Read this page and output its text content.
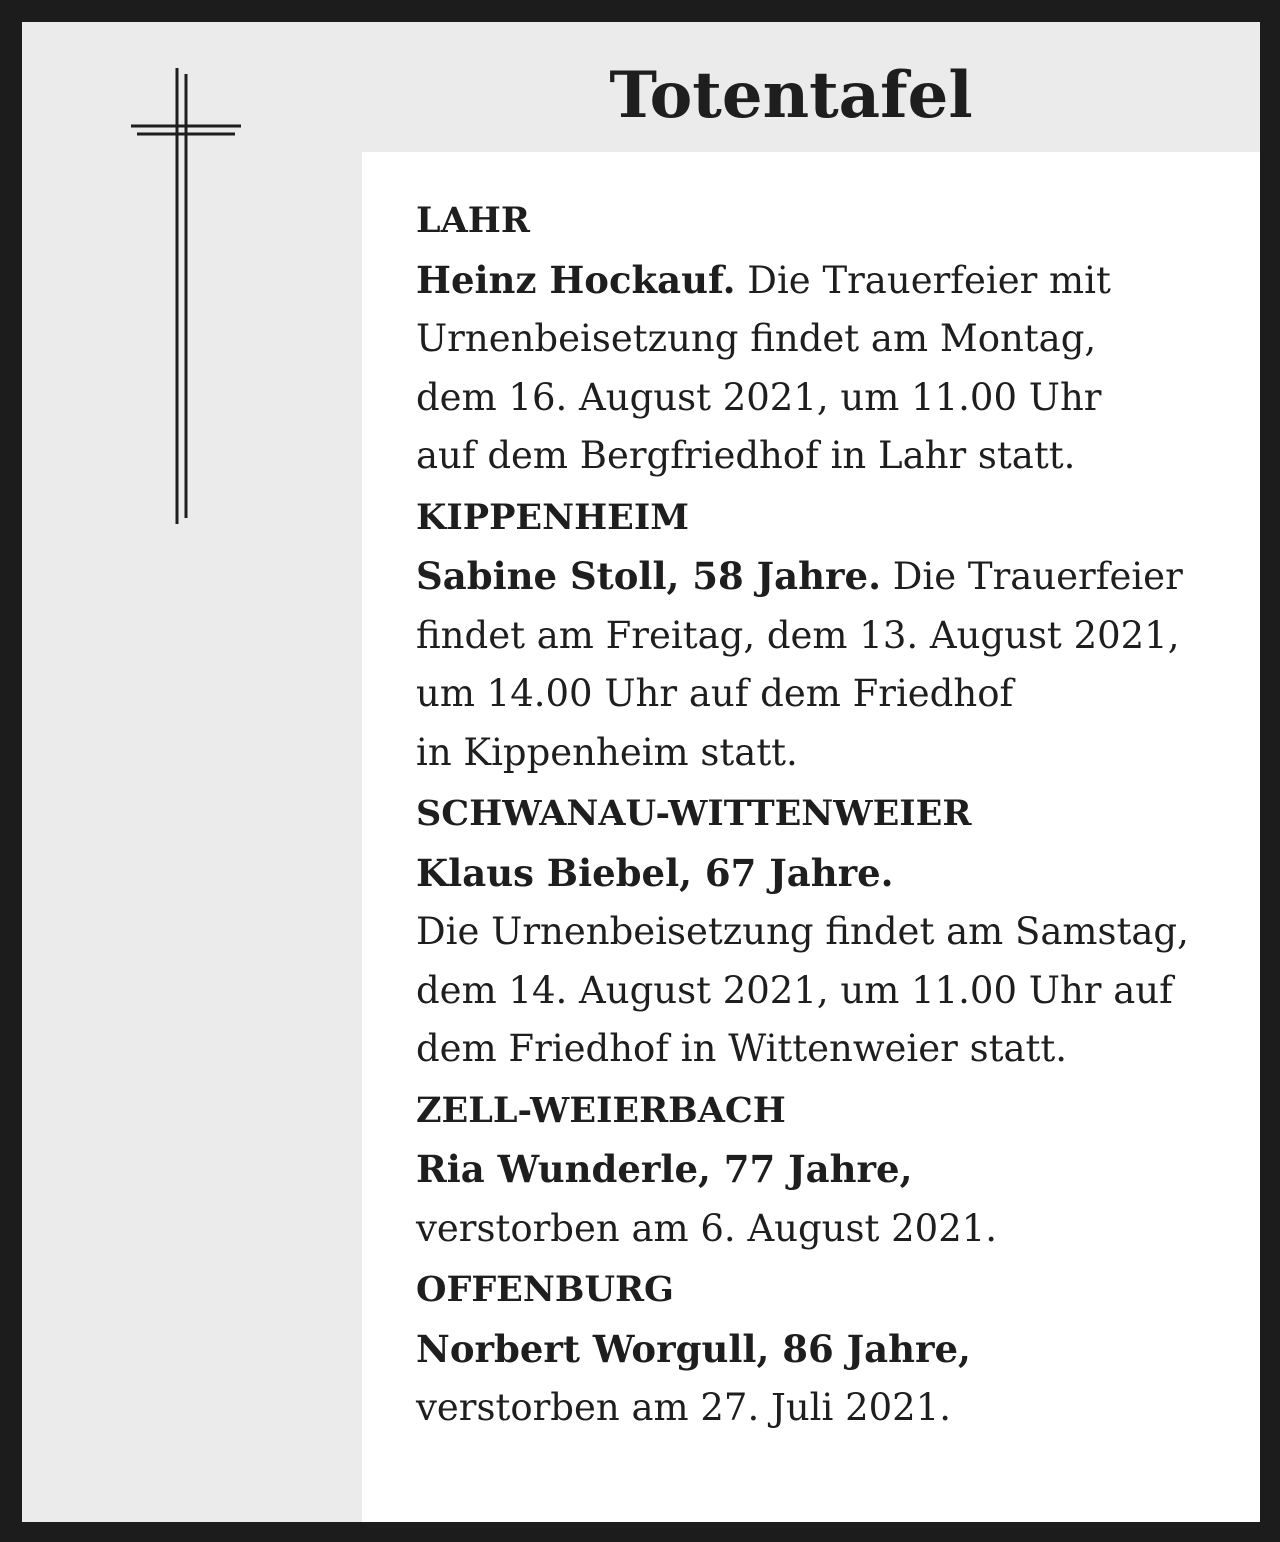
Totentafel
LAHR
Heinz Hockauf. Die Trauerfeier mit
Urnenbeisetzung findet am Montag,
dem 16. August 2021, um 11.00 Uhr
auf dem Bergfriedhof in Lahr statt.
KIPPENHEIM
Sabine Stoll, 58 Jahre. Die Trauerfeier
findet am Freitag, dem 13. August 2021,
um 14.00 Uhr auf dem Friedhof
in Kippenheim statt.
SCHWANAU-WITTENWEIER
Klaus Biebel, 67 Jahre.
Die Urnenbeisetzung findet am Samstag,
dem 14. August 2021, um 11.00 Uhr auf
dem Friedhof in Wittenweier statt.
ZELL-WEIERBACH
Ria Wunderle, 77 Jahre,
verstorben am 6. August 2021.
OFFENBURG
Norbert Worgull, 86 Jahre,
verstorben am 27. Juli 2021.
